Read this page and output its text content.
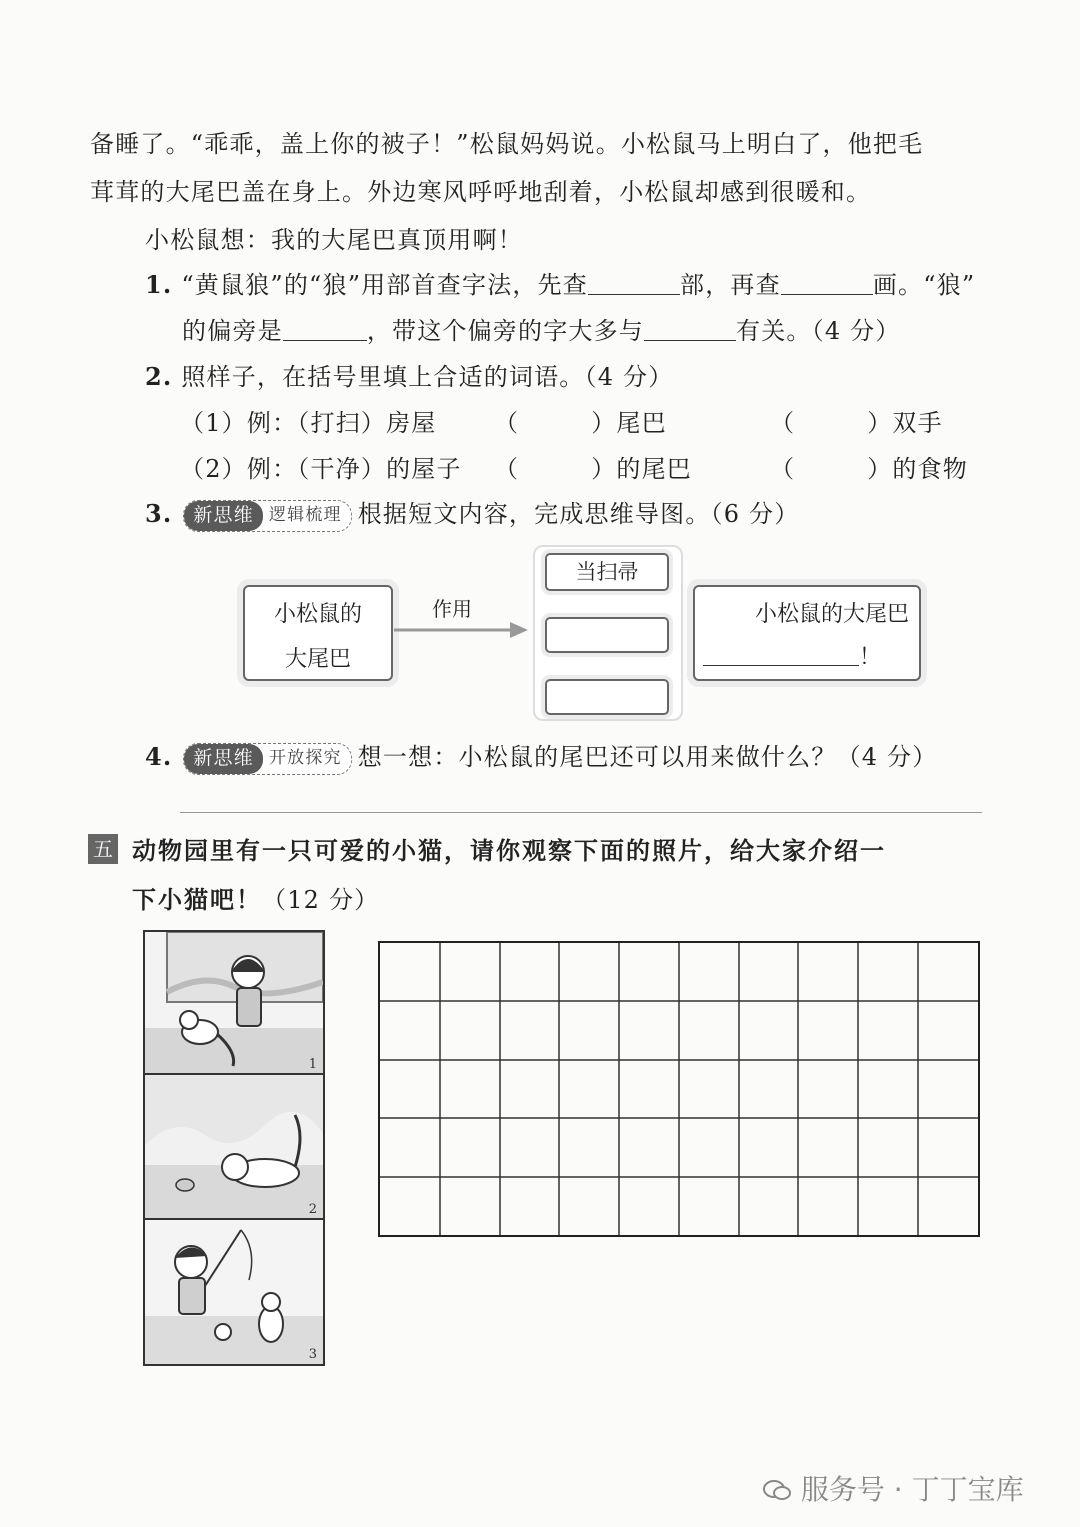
备睡了。“乖乖，盖上你的被子！”松鼠妈妈说。小松鼠马上明白了，他把毛
茸茸的大尾巴盖在身上。外边寒风呼呼地刮着，小松鼠却感到很暖和。
小松鼠想：我的大尾巴真顶用啊！
1. “黄鼠狼”的“狼”用部首查字法，先查	部，再查	画。“狼”
的偏旁是	，带这个偏旁的字大多与	有关。（4 分）
2. 照样子，在括号里填上合适的词语。（4 分）
（1）例：（打扫）房屋 （	）尾巴	（	）双手
（2）例：（干净）的屋子 （	）的尾巴	（	）的食物
3.	新思维 逻辑梳理 根据短文内容，完成思维导图。（6 分）
小松鼠的
大尾巴
作用
当扫帚
小松鼠的大尾巴
！
4.	新思维 开放探究 想一想：小松鼠的尾巴还可以用来做什么？（4 分）
五 动物园里有一只可爱的小猫，请你观察下面的照片，给大家介绍一
下小猫吧！（12 分）
1
2
3
服务号 · 丁丁宝库
